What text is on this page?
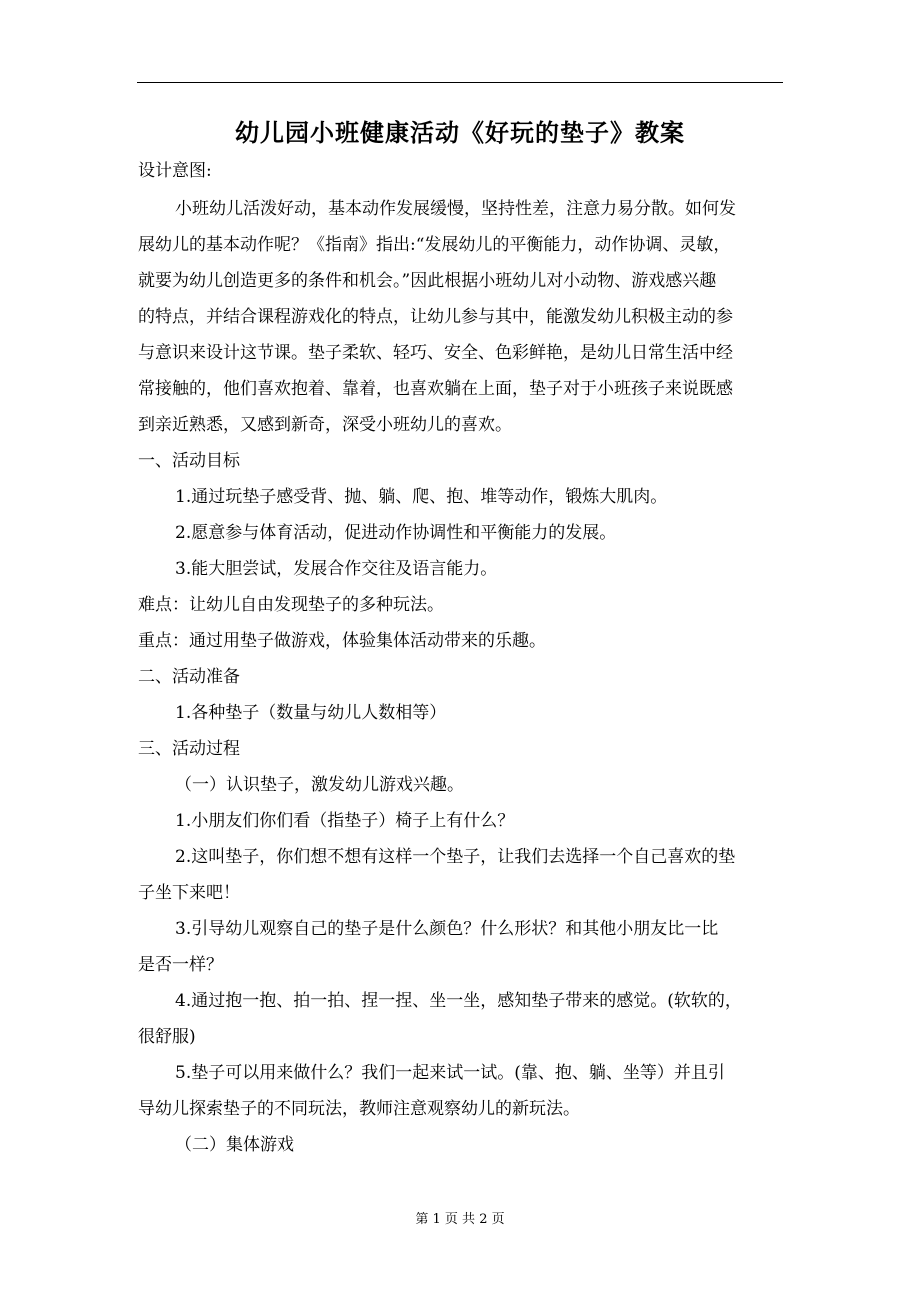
幼儿园小班健康活动《好玩的垫子》教案
设计意图:
小班幼儿活泼好动，基本动作发展缓慢，坚持性差，注意力易分散。如何发
展幼儿的基本动作呢？《指南》指出:“发展幼儿的平衡能力，动作协调、灵敏，
就要为幼儿创造更多的条件和机会。”因此根据小班幼儿对小动物、游戏感兴趣
的特点，并结合课程游戏化的特点，让幼儿参与其中，能激发幼儿积极主动的参
与意识来设计这节课。垫子柔软、轻巧、安全、色彩鲜艳，是幼儿日常生活中经
常接触的，他们喜欢抱着、靠着，也喜欢躺在上面，垫子对于小班孩子来说既感
到亲近熟悉，又感到新奇，深受小班幼儿的喜欢。
一、活动目标
1.通过玩垫子感受背、抛、躺、爬、抱、堆等动作，锻炼大肌肉。
2.愿意参与体育活动，促进动作协调性和平衡能力的发展。
3.能大胆尝试，发展合作交往及语言能力。
难点：让幼儿自由发现垫子的多种玩法。
重点：通过用垫子做游戏，体验集体活动带来的乐趣。
二、活动准备
1.各种垫子（数量与幼儿人数相等）
三、活动过程
（一）认识垫子，激发幼儿游戏兴趣。
1.小朋友们你们看（指垫子）椅子上有什么？
2.这叫垫子，你们想不想有这样一个垫子，让我们去选择一个自己喜欢的垫
子坐下来吧！
3.引导幼儿观察自己的垫子是什么颜色？什么形状？和其他小朋友比一比
是否一样？
4.通过抱一抱、拍一拍、捏一捏、坐一坐，感知垫子带来的感觉。(软软的，
很舒服)
5.垫子可以用来做什么？我们一起来试一试。(靠、抱、躺、坐等）并且引
导幼儿探索垫子的不同玩法，教师注意观察幼儿的新玩法。
（二）集体游戏
第 1 页 共 2 页
